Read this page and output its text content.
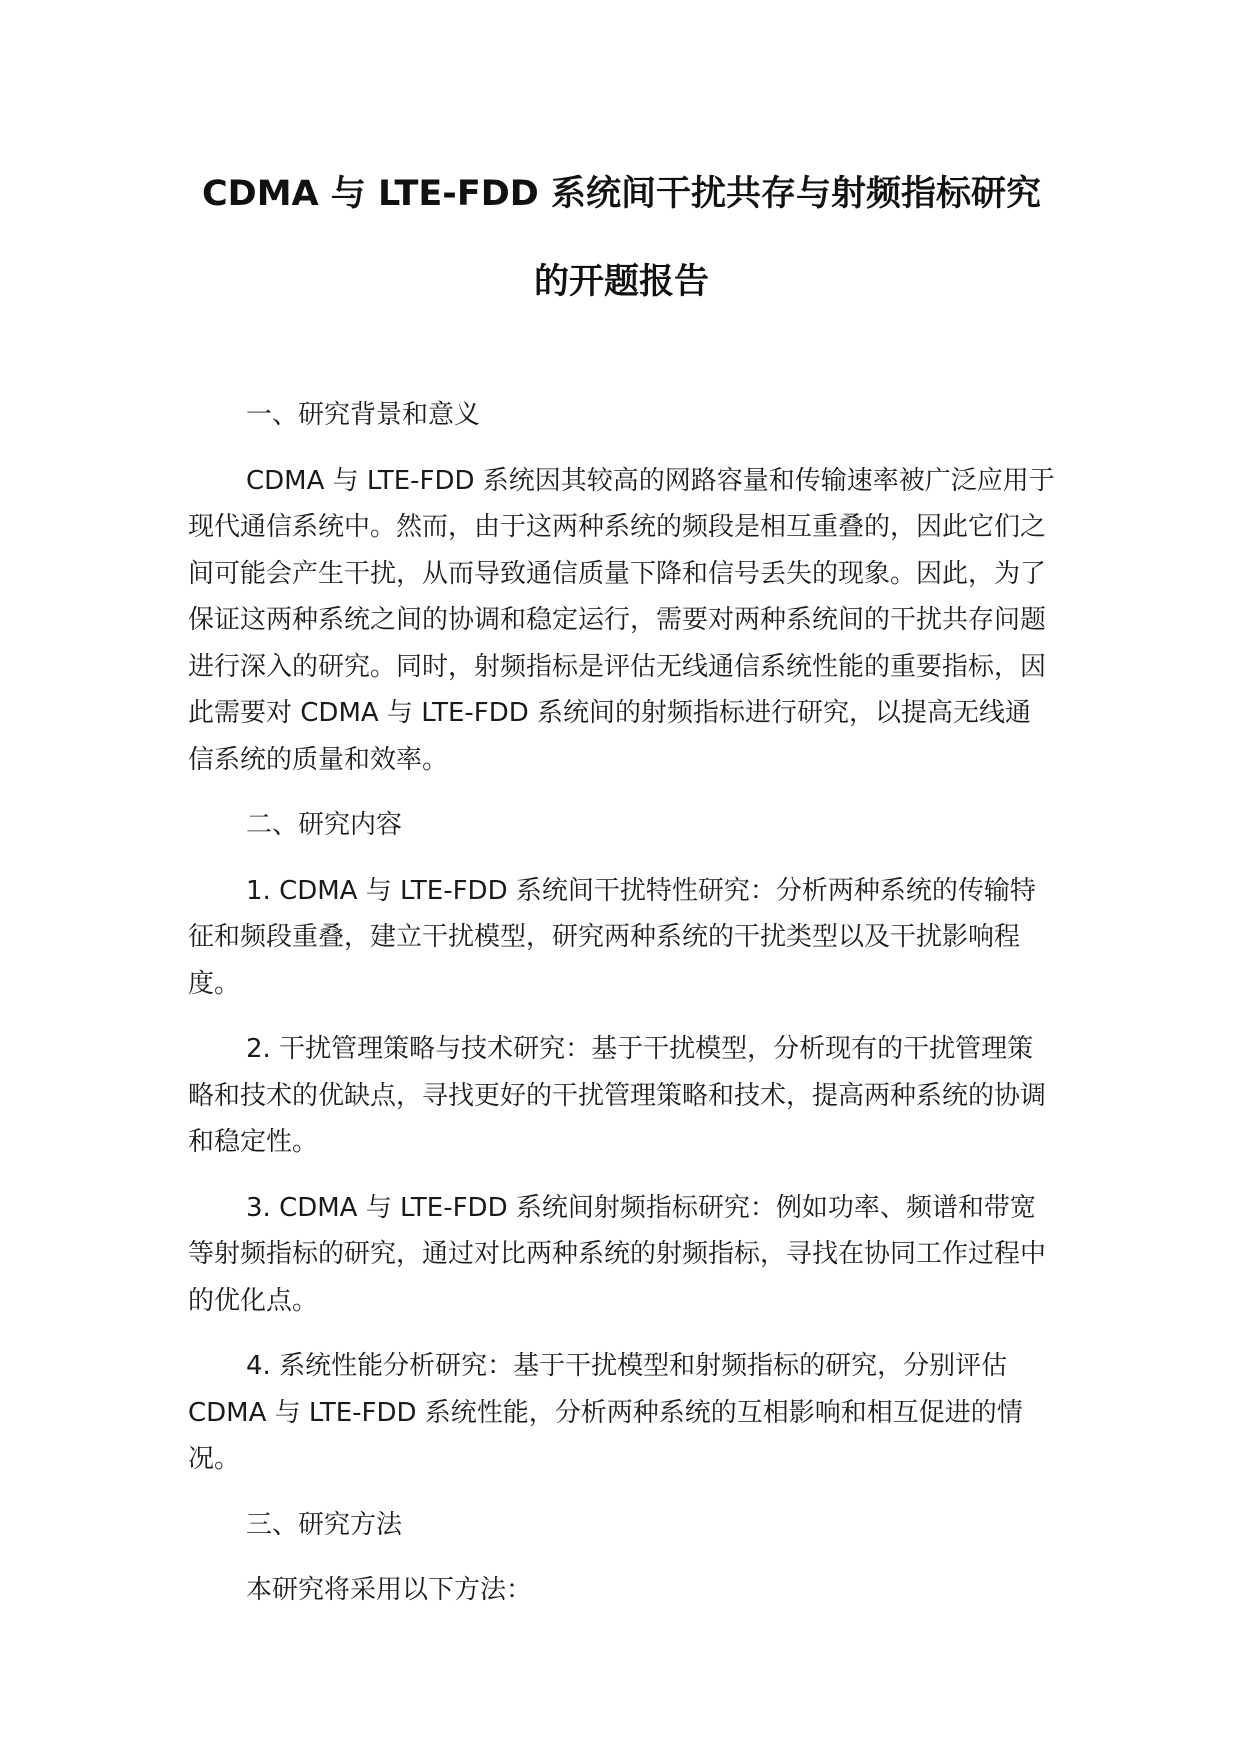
CDMA 与 LTE-FDD 系统间干扰共存与射频指标研究
的开题报告

一、研究背景和意义

CDMA 与 LTE-FDD 系统因其较高的网路容量和传输速率被广泛应用于现代通信系统中。然而，由于这两种系统的频段是相互重叠的，因此它们之间可能会产生干扰，从而导致通信质量下降和信号丢失的现象。因此，为了保证这两种系统之间的协调和稳定运行，需要对两种系统间的干扰共存问题进行深入的研究。同时，射频指标是评估无线通信系统性能的重要指标，因此需要对 CDMA 与 LTE-FDD 系统间的射频指标进行研究，以提高无线通信系统的质量和效率。

二、研究内容

1. CDMA 与 LTE-FDD 系统间干扰特性研究：分析两种系统的传输特征和频段重叠，建立干扰模型，研究两种系统的干扰类型以及干扰影响程度。

2. 干扰管理策略与技术研究：基于干扰模型，分析现有的干扰管理策略和技术的优缺点，寻找更好的干扰管理策略和技术，提高两种系统的协调和稳定性。

3. CDMA 与 LTE-FDD 系统间射频指标研究：例如功率、频谱和带宽等射频指标的研究，通过对比两种系统的射频指标，寻找在协同工作过程中的优化点。

4. 系统性能分析研究：基于干扰模型和射频指标的研究，分别评估 CDMA 与 LTE-FDD 系统性能，分析两种系统的互相影响和相互促进的情况。

三、研究方法

本研究将采用以下方法：
